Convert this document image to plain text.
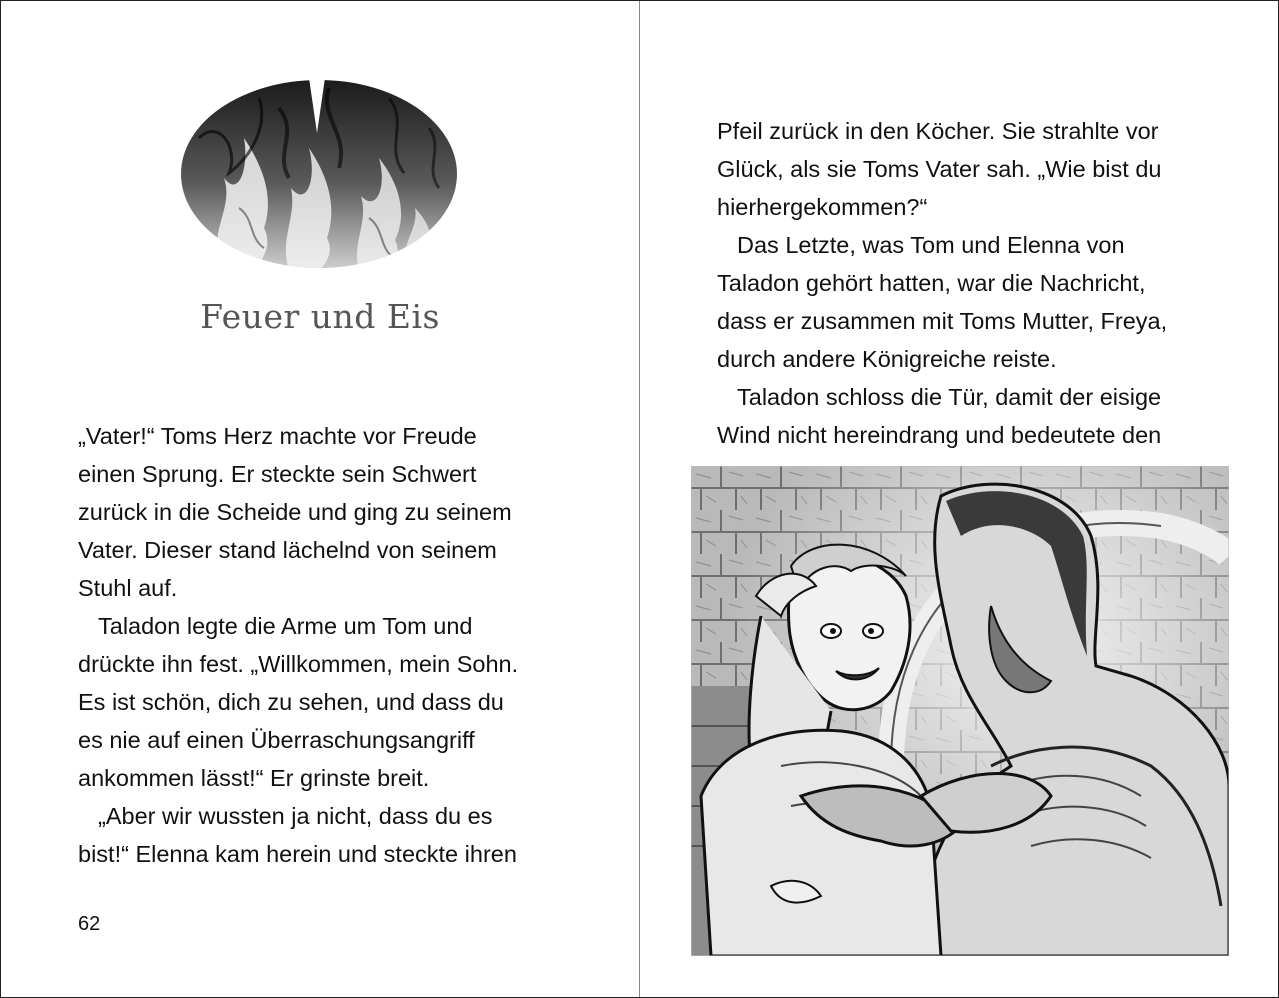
Feuer und Eis
„Vater!“ Toms Herz machte vor Freude
einen Sprung. Er steckte sein Schwert
zurück in die Scheide und ging zu seinem
Vater. Dieser stand lächelnd von seinem
Stuhl auf.
Taladon legte die Arme um Tom und
drückte ihn fest. „Willkommen, mein Sohn.
Es ist schön, dich zu sehen, und dass du
es nie auf einen Überraschungsangriff
ankommen lässt!“ Er grinste breit.
„Aber wir wussten ja nicht, dass du es
bist!“ Elenna kam herein und steckte ihren
62
Pfeil zurück in den Köcher. Sie strahlte vor
Glück, als sie Toms Vater sah. „Wie bist du
hierhergekommen?“
Das Letzte, was Tom und Elenna von
Taladon gehört hatten, war die Nachricht,
dass er zusammen mit Toms Mutter, Freya,
durch andere Königreiche reiste.
Taladon schloss die Tür, damit der eisige
Wind nicht hereindrang und bedeutete den
